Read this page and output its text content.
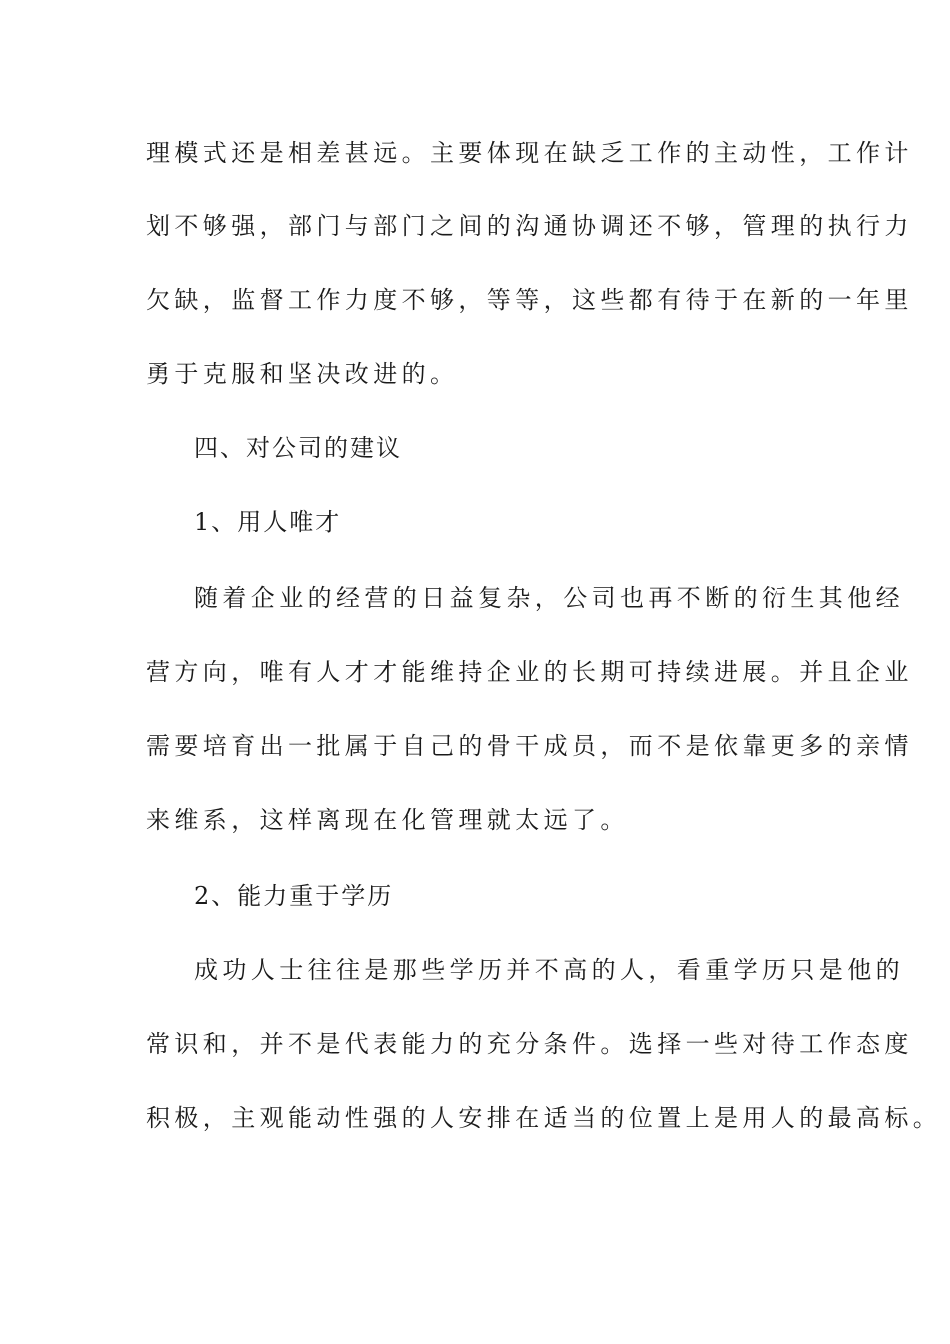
理模式还是相差甚远。主要体现在缺乏工作的主动性，工作计
划不够强，部门与部门之间的沟通协调还不够，管理的执行力
欠缺，监督工作力度不够，等等，这些都有待于在新的一年里
勇于克服和坚决改进的。
四、对公司的建议
1、用人唯才
随着企业的经营的日益复杂，公司也再不断的衍生其他经
营方向，唯有人才才能维持企业的长期可持续进展。并且企业
需要培育出一批属于自己的骨干成员，而不是依靠更多的亲情
来维系，这样离现在化管理就太远了。
2、能力重于学历
成功人士往往是那些学历并不高的人，看重学历只是他的
常识和，并不是代表能力的充分条件。选择一些对待工作态度
积极，主观能动性强的人安排在适当的位置上是用人的最高标。
